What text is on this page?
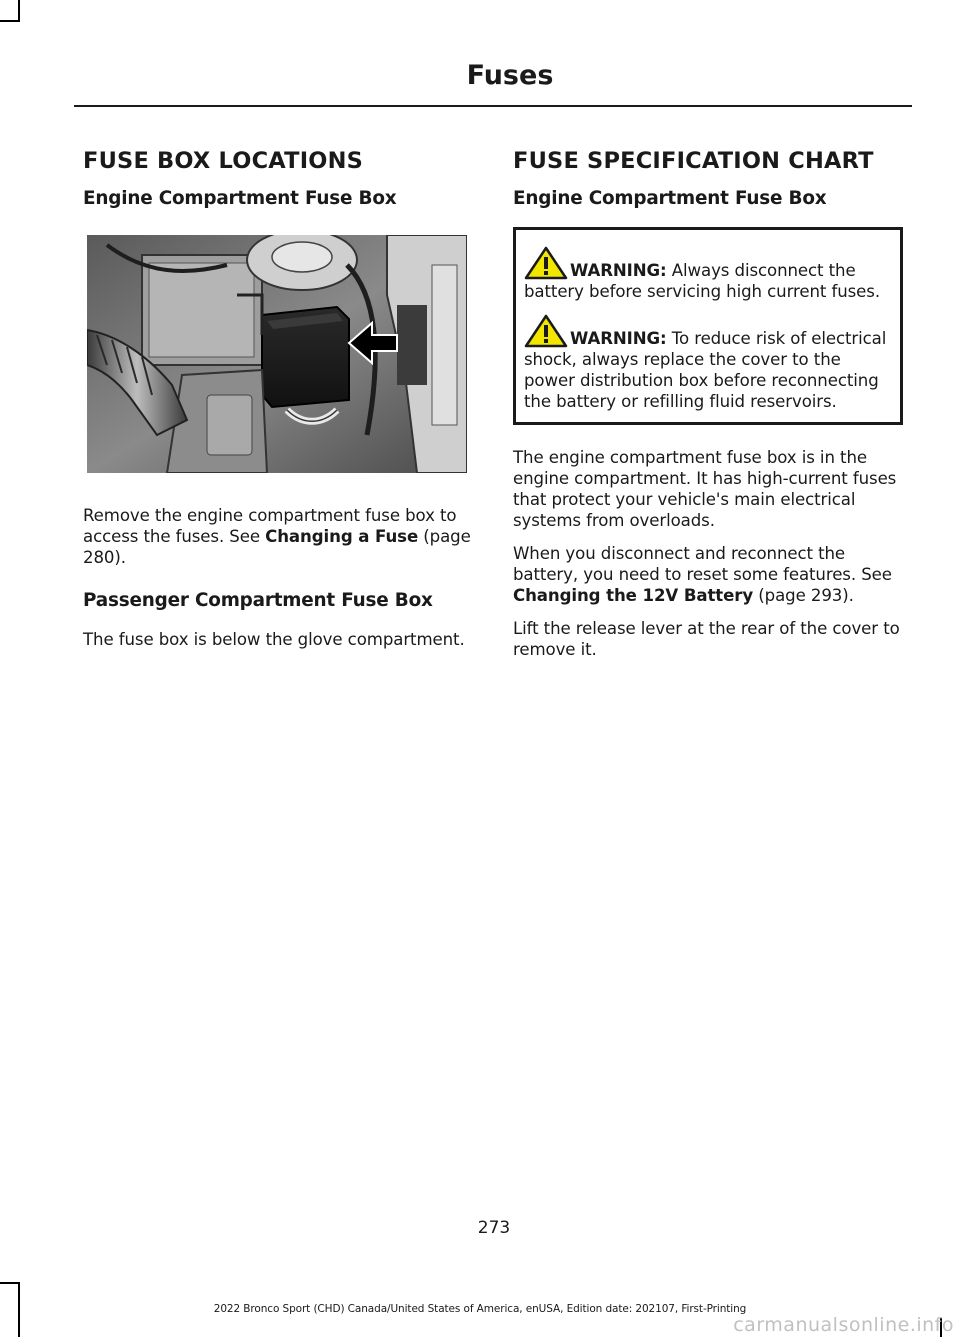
Fuses
FUSE BOX LOCATIONS
Engine Compartment Fuse Box

Remove the engine compartment fuse box to access the fuses. See Changing a Fuse (page 280).

Passenger Compartment Fuse Box

The fuse box is below the glove compartment.

FUSE SPECIFICATION CHART
Engine Compartment Fuse Box

WARNING: Always disconnect the battery before servicing high current fuses.

WARNING: To reduce risk of electrical shock, always replace the cover to the power distribution box before reconnecting the battery or refilling fluid reservoirs.

The engine compartment fuse box is in the engine compartment. It has high-current fuses that protect your vehicle's main electrical systems from overloads.

When you disconnect and reconnect the battery, you need to reset some features. See Changing the 12V Battery (page 293).

Lift the release lever at the rear of the cover to remove it.

273
2022 Bronco Sport (CHD) Canada/United States of America, enUSA, Edition date: 202107, First-Printing
carmanualsonline.info
